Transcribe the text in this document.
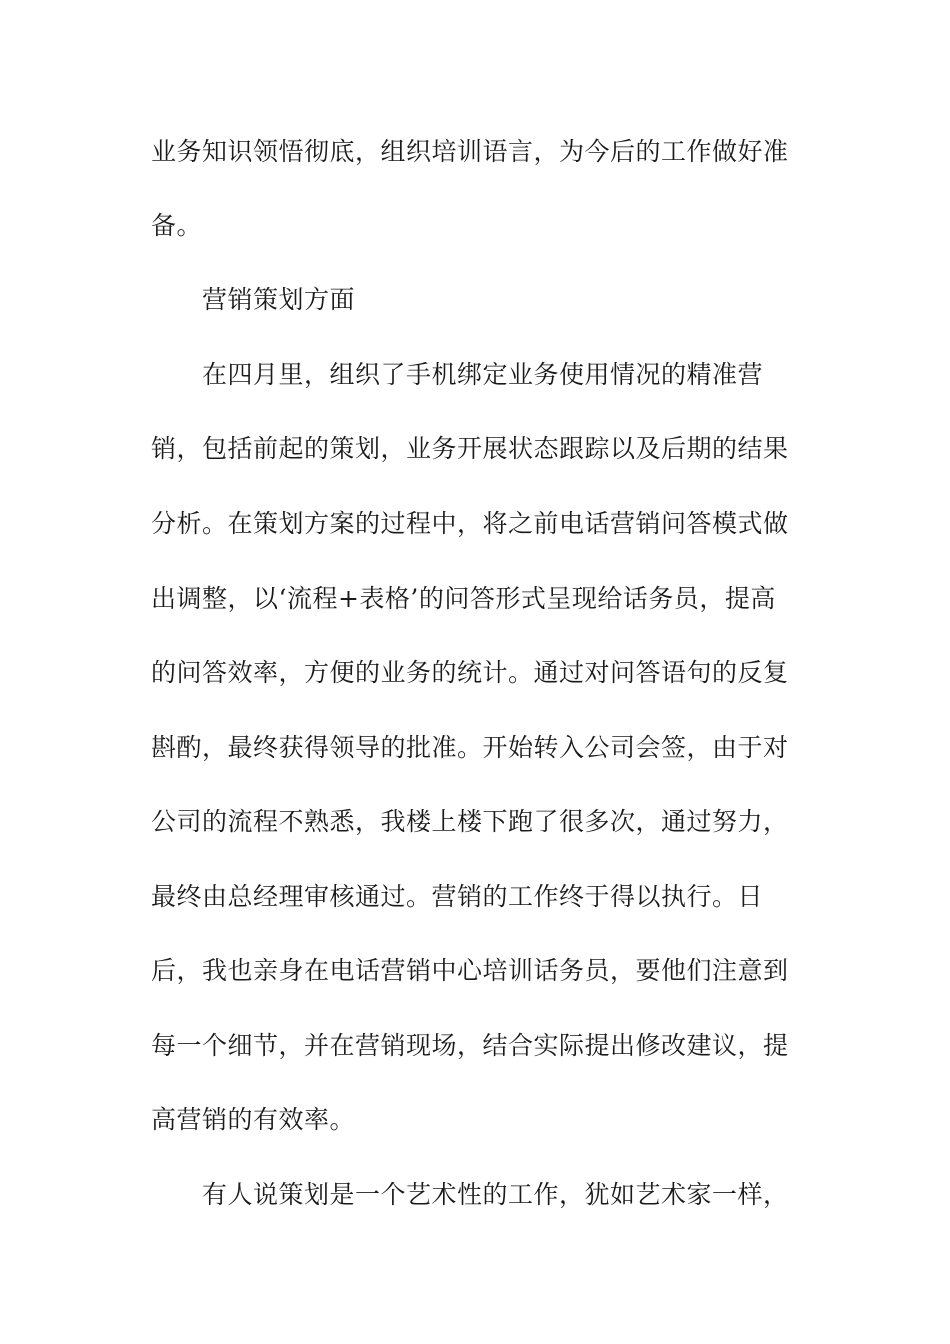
业务知识领悟彻底，组织培训语言，为今后的工作做好准
备。
营销策划方面
在四月里，组织了手机绑定业务使用情况的精准营
销，包括前起的策划，业务开展状态跟踪以及后期的结果
分析。在策划方案的过程中，将之前电话营销问答模式做
出调整，以‘流程+表格’的问答形式呈现给话务员，提高
的问答效率，方便的业务的统计。通过对问答语句的反复
斟酌，最终获得领导的批准。开始转入公司会签，由于对
公司的流程不熟悉，我楼上楼下跑了很多次，通过努力，
最终由总经理审核通过。营销的工作终于得以执行。日
后，我也亲身在电话营销中心培训话务员，要他们注意到
每一个细节，并在营销现场，结合实际提出修改建议，提
高营销的有效率。
有人说策划是一个艺术性的工作，犹如艺术家一样，
